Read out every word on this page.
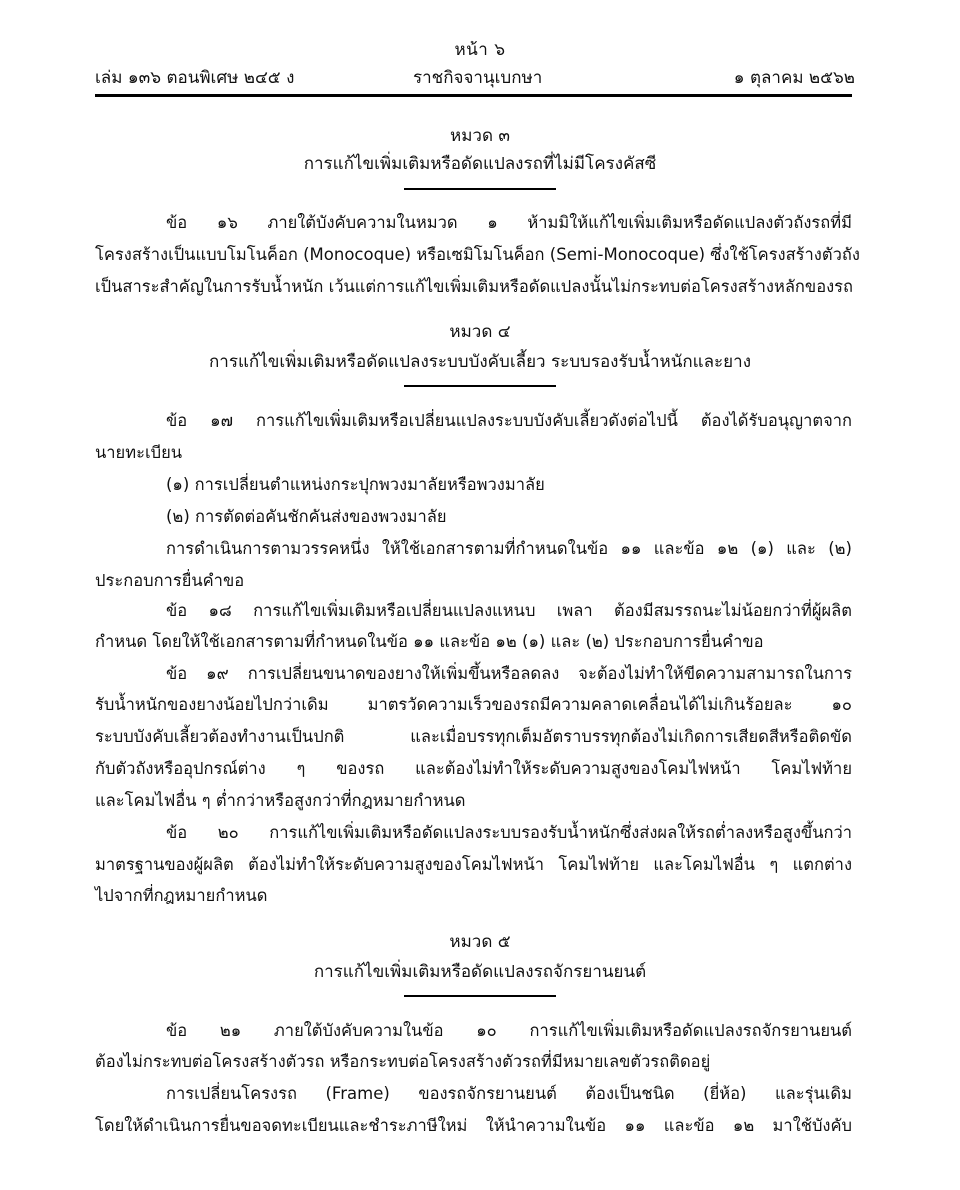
หน้า ๖
เล่ม ๑๓๖ ตอนพิเศษ ๒๔๕ ง	ราชกิจจานุเบกษา	๑ ตุลาคม ๒๕๖๒
หมวด ๓
การแก้ไขเพิ่มเติมหรือดัดแปลงรถที่ไม่มีโครงคัสซี
ข้อ ๑๖ ภายใต้บังคับความในหมวด ๑ ห้ามมิให้แก้ไขเพิ่มเติมหรือดัดแปลงตัวถังรถที่มี
โครงสร้างเป็นแบบโมโนค็อก (Monocoque) หรือเซมิโมโนค็อก (Semi-Monocoque) ซึ่งใช้โครงสร้างตัวถัง
เป็นสาระสำคัญในการรับน้ำหนัก เว้นแต่การแก้ไขเพิ่มเติมหรือดัดแปลงนั้นไม่กระทบต่อโครงสร้างหลักของรถ
หมวด ๔
การแก้ไขเพิ่มเติมหรือดัดแปลงระบบบังคับเลี้ยว ระบบรองรับน้ำหนักและยาง
ข้อ ๑๗ การแก้ไขเพิ่มเติมหรือเปลี่ยนแปลงระบบบังคับเลี้ยวดังต่อไปนี้ ต้องได้รับอนุญาตจาก
นายทะเบียน
(๑) การเปลี่ยนตำแหน่งกระปุกพวงมาลัยหรือพวงมาลัย
(๒) การตัดต่อคันชักคันส่งของพวงมาลัย
การดำเนินการตามวรรคหนึ่ง ให้ใช้เอกสารตามที่กำหนดในข้อ ๑๑ และข้อ ๑๒ (๑) และ (๒)
ประกอบการยื่นคำขอ
ข้อ ๑๘ การแก้ไขเพิ่มเติมหรือเปลี่ยนแปลงแหนบ เพลา ต้องมีสมรรถนะไม่น้อยกว่าที่ผู้ผลิต
กำหนด โดยให้ใช้เอกสารตามที่กำหนดในข้อ ๑๑ และข้อ ๑๒ (๑) และ (๒) ประกอบการยื่นคำขอ
ข้อ ๑๙ การเปลี่ยนขนาดของยางให้เพิ่มขึ้นหรือลดลง จะต้องไม่ทำให้ขีดความสามารถในการ
รับน้ำหนักของยางน้อยไปกว่าเดิม มาตรวัดความเร็วของรถมีความคลาดเคลื่อนได้ไม่เกินร้อยละ ๑๐
ระบบบังคับเลี้ยวต้องทำงานเป็นปกติ และเมื่อบรรทุกเต็มอัตราบรรทุกต้องไม่เกิดการเสียดสีหรือติดขัด
กับตัวถังหรืออุปกรณ์ต่าง ๆ ของรถ และต้องไม่ทำให้ระดับความสูงของโคมไฟหน้า โคมไฟท้าย
และโคมไฟอื่น ๆ ต่ำกว่าหรือสูงกว่าที่กฎหมายกำหนด
ข้อ ๒๐ การแก้ไขเพิ่มเติมหรือดัดแปลงระบบรองรับน้ำหนักซึ่งส่งผลให้รถต่ำลงหรือสูงขึ้นกว่า
มาตรฐานของผู้ผลิต ต้องไม่ทำให้ระดับความสูงของโคมไฟหน้า โคมไฟท้าย และโคมไฟอื่น ๆ แตกต่าง
ไปจากที่กฎหมายกำหนด
หมวด ๕
การแก้ไขเพิ่มเติมหรือดัดแปลงรถจักรยานยนต์
ข้อ ๒๑ ภายใต้บังคับความในข้อ ๑๐ การแก้ไขเพิ่มเติมหรือดัดแปลงรถจักรยานยนต์
ต้องไม่กระทบต่อโครงสร้างตัวรถ หรือกระทบต่อโครงสร้างตัวรถที่มีหมายเลขตัวรถติดอยู่
การเปลี่ยนโครงรถ (Frame) ของรถจักรยานยนต์ ต้องเป็นชนิด (ยี่ห้อ) และรุ่นเดิม
โดยให้ดำเนินการยื่นขอจดทะเบียนและชำระภาษีใหม่ ให้นำความในข้อ ๑๑ และข้อ ๑๒ มาใช้บังคับ
